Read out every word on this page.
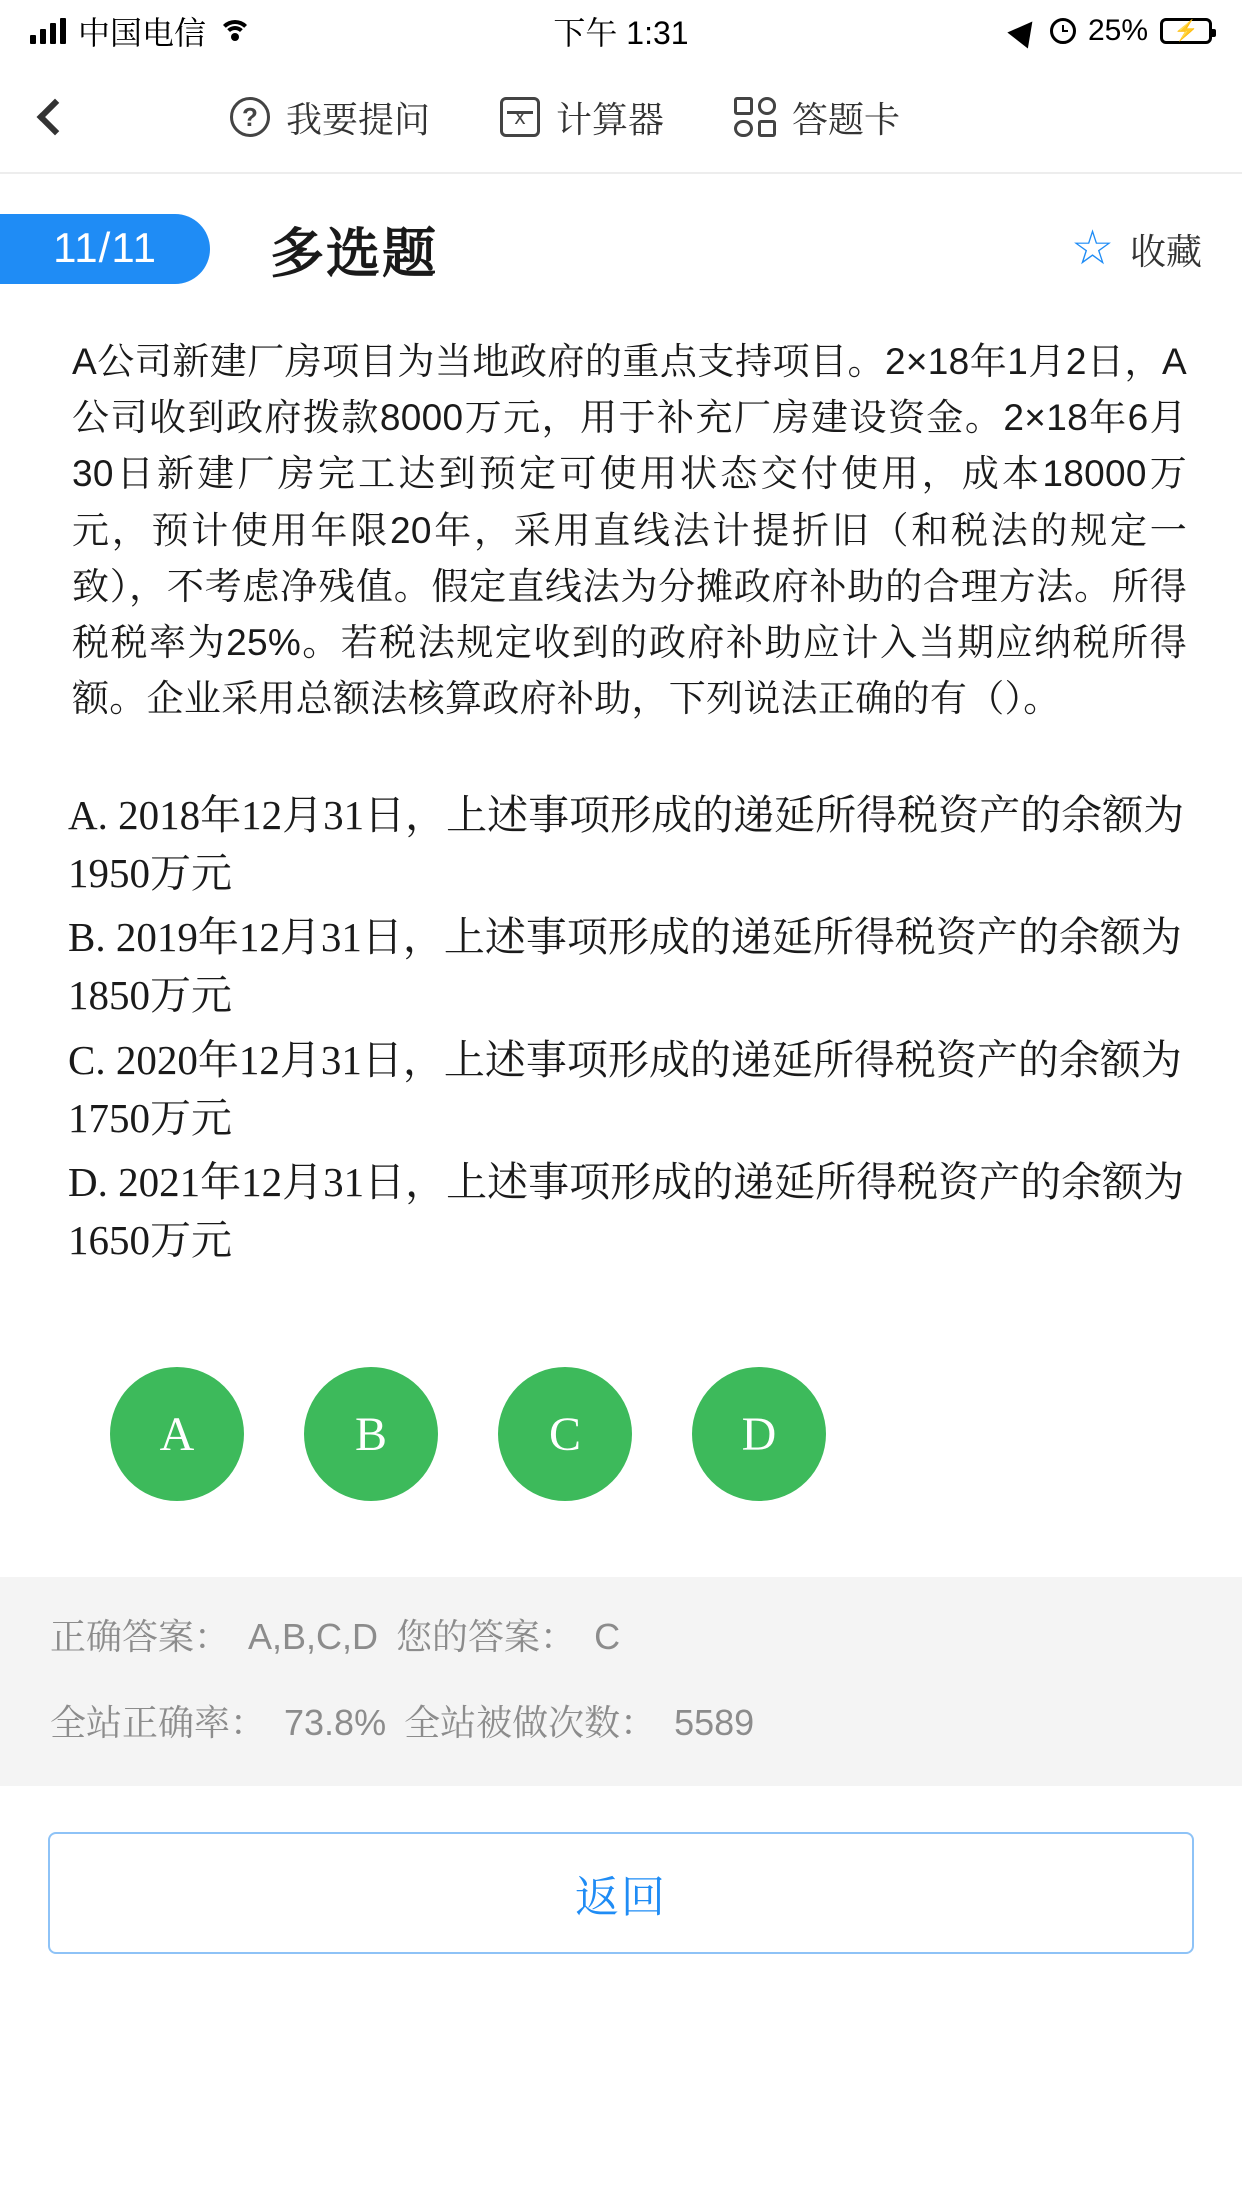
中国电信	下午 1:31	25% ⚡
? 我要提问 x	计算器	答题卡
11/11	多选题	☆ 收藏
A公司新建厂房项目为当地政府的重点支持项目。2×18年1月2日，A公司收到政府拨款8000万元，用于补充厂房建设资金。2×18年6月30日新建厂房完工达到预定可使用状态交付使用，成本18000万元，预计使用年限20年，采用直线法计提折旧（和税法的规定一致），不考虑净残值。假定直线法为分摊政府补助的合理方法。所得税税率为25%。若税法规定收到的政府补助应计入当期应纳税所得额。企业采用总额法核算政府补助，下列说法正确的有（）。
A. 2018年12月31日，上述事项形成的递延所得税资产的余额为1950万元
B. 2019年12月31日，上述事项形成的递延所得税资产的余额为1850万元
C. 2020年12月31日，上述事项形成的递延所得税资产的余额为1750万元
D. 2021年12月31日，上述事项形成的递延所得税资产的余额为1650万元
A	B	C	D
正确答案： A,B,C,D 您的答案： C
全站正确率： 73.8% 全站被做次数： 5589
返回
